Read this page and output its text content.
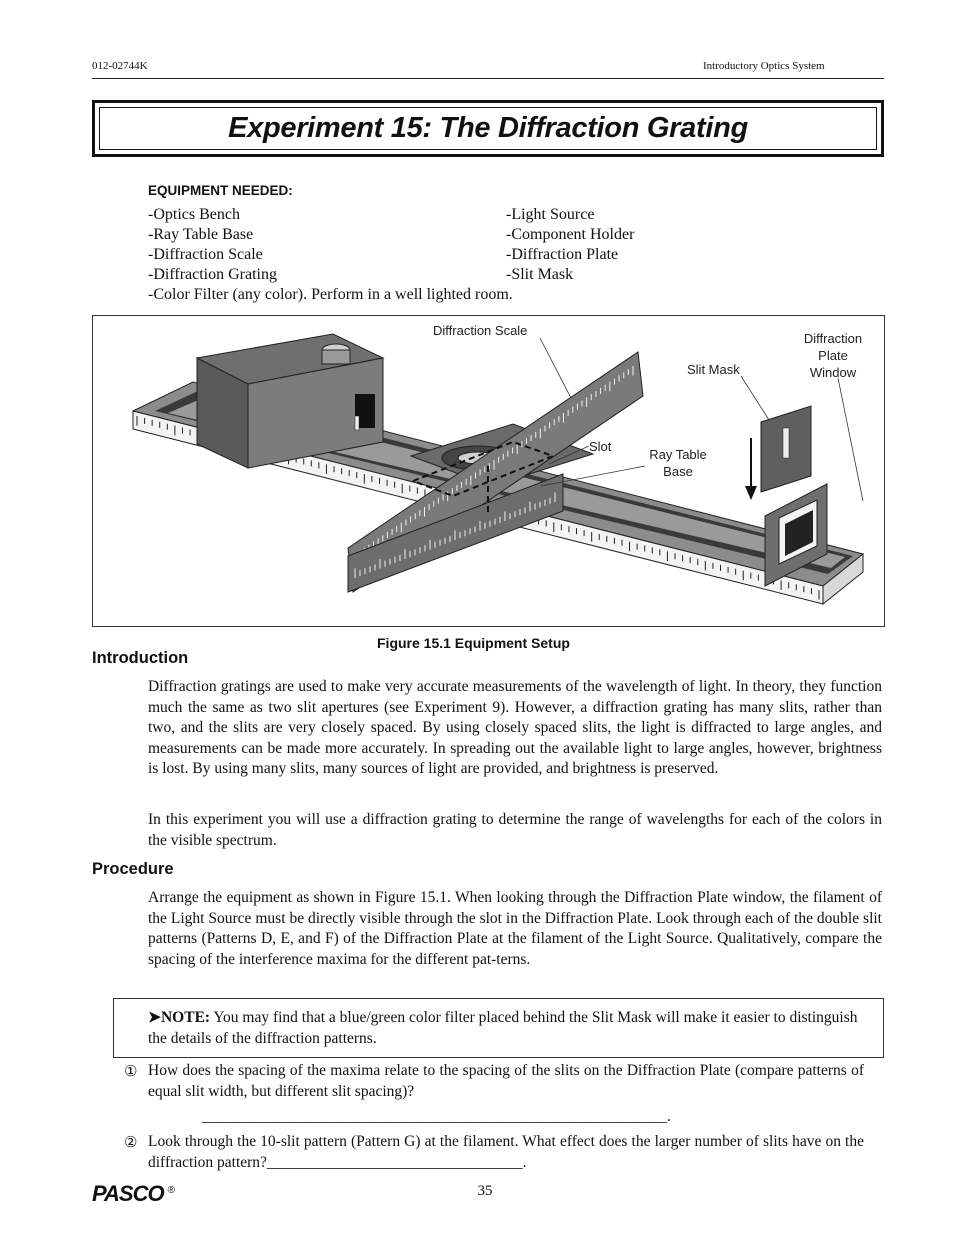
012-02744K	Introductory Optics System
Experiment 15: The Diffraction Grating
EQUIPMENT NEEDED:
-Optics Bench
-Ray Table Base
-Diffraction Scale
-Diffraction Grating
-Color Filter (any color). Perform in a well lighted room.
-Light Source
-Component Holder
-Diffraction Plate
-Slit Mask
Diffraction Scale
Diffraction
Plate
Window
Slit Mask
Slot
Ray Table
Base
Figure 15.1 Equipment Setup
Introduction

Diffraction gratings are used to make very accurate measurements of the wavelength of light. In theory, they function much the same as two slit apertures (see Experiment 9). However, a diffraction grating has many slits, rather than two, and the slits are very closely spaced. By using closely spaced slits, the light is diffracted to large angles, and measurements can be made more accurately. In spreading out the available light to large angles, however, brightness is lost. By using many slits, many sources of light are provided, and brightness is preserved.

In this experiment you will use a diffraction grating to determine the range of wavelengths for each of the colors in the visible spectrum.

Procedure

Arrange the equipment as shown in Figure 15.1. When looking through the Diffraction Plate window, the filament of the Light Source must be directly visible through the slot in the Diffraction Plate. Look through each of the double slit patterns (Patterns D, E, and F) of the Diffraction Plate at the filament of the Light Source. Qualitatively, compare the spacing of the interference maxima for the different pat-terns.

➤NOTE: You may find that a blue/green color filter placed behind the Slit Mask will make it easier to distinguish the details of the diffraction patterns.
① How does the spacing of the maxima relate to the spacing of the slits on the Diffraction Plate (compare patterns of equal slit width, but different slit spacing)?
____________________________________________________________.
② Look through the 10-slit pattern (Pattern G) at the filament. What effect does the larger number of slits have on the diffraction pattern?_________________________________.
PASCO ®	35
